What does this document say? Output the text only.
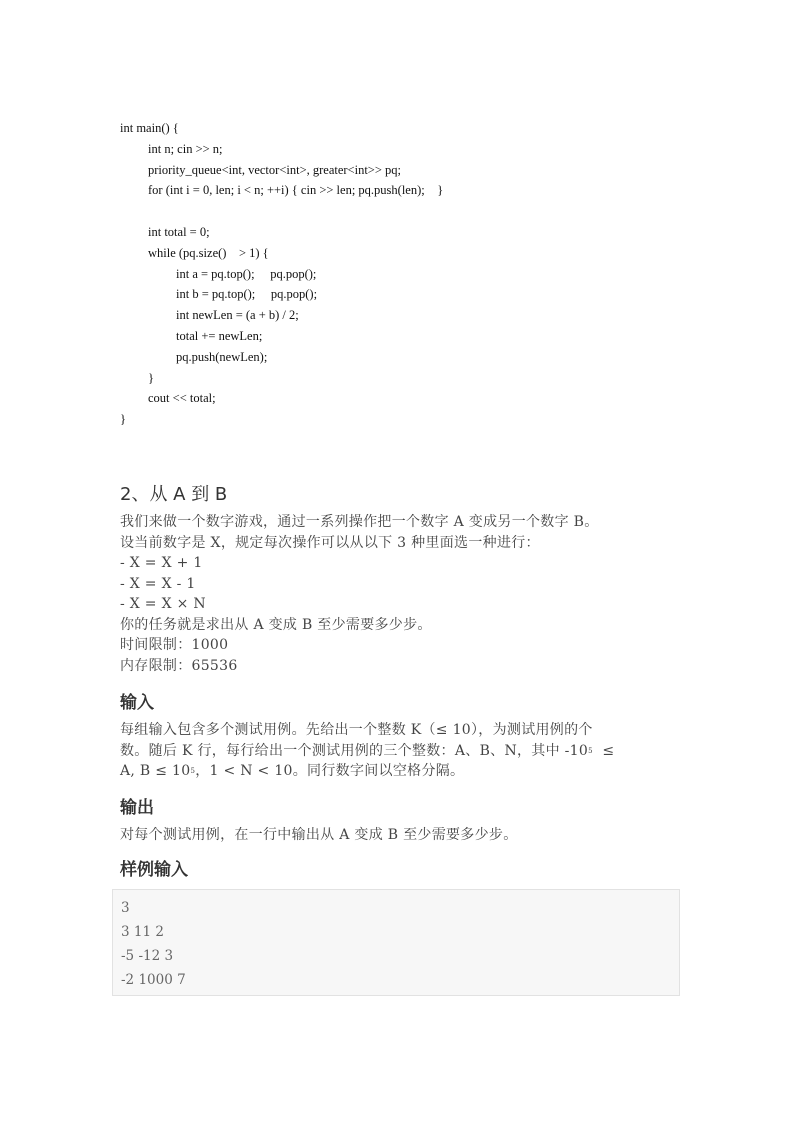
int main() {
int n; cin >> n;
priority_queue<int, vector<int>, greater<int>> pq;
for (int i = 0, len; i < n; ++i) { cin >> len; pq.push(len);    }
int total = 0;
while (pq.size()    > 1) {
int a = pq.top();     pq.pop();
int b = pq.top();     pq.pop();
int newLen = (a + b) / 2;
total += newLen;
pq.push(newLen);
}
cout << total;
}
2、从 A 到 B
我们来做一个数字游戏，通过一系列操作把一个数字 A 变成另一个数字 B。
设当前数字是 X，规定每次操作可以从以下 3 种里面选一种进行：
- X = X + 1
- X = X - 1
- X = X × N
你的任务就是求出从 A 变成 B 至少需要多少步。
时间限制：1000
内存限制：65536
输入
每组输入包含多个测试用例。先给出一个整数 K（≤ 10），为测试用例的个
数。随后 K 行，每行给出一个测试用例的三个整数：A、B、N，其中 $-10^5$  ≤
A, $B \le 10^5$，1 < N < 10。同行数字间以空格分隔。
输出
对每个测试用例，在一行中输出从 A 变成 B 至少需要多少步。
样例输入
3
3 11 2
-5 -12 3
-2 1000 7
